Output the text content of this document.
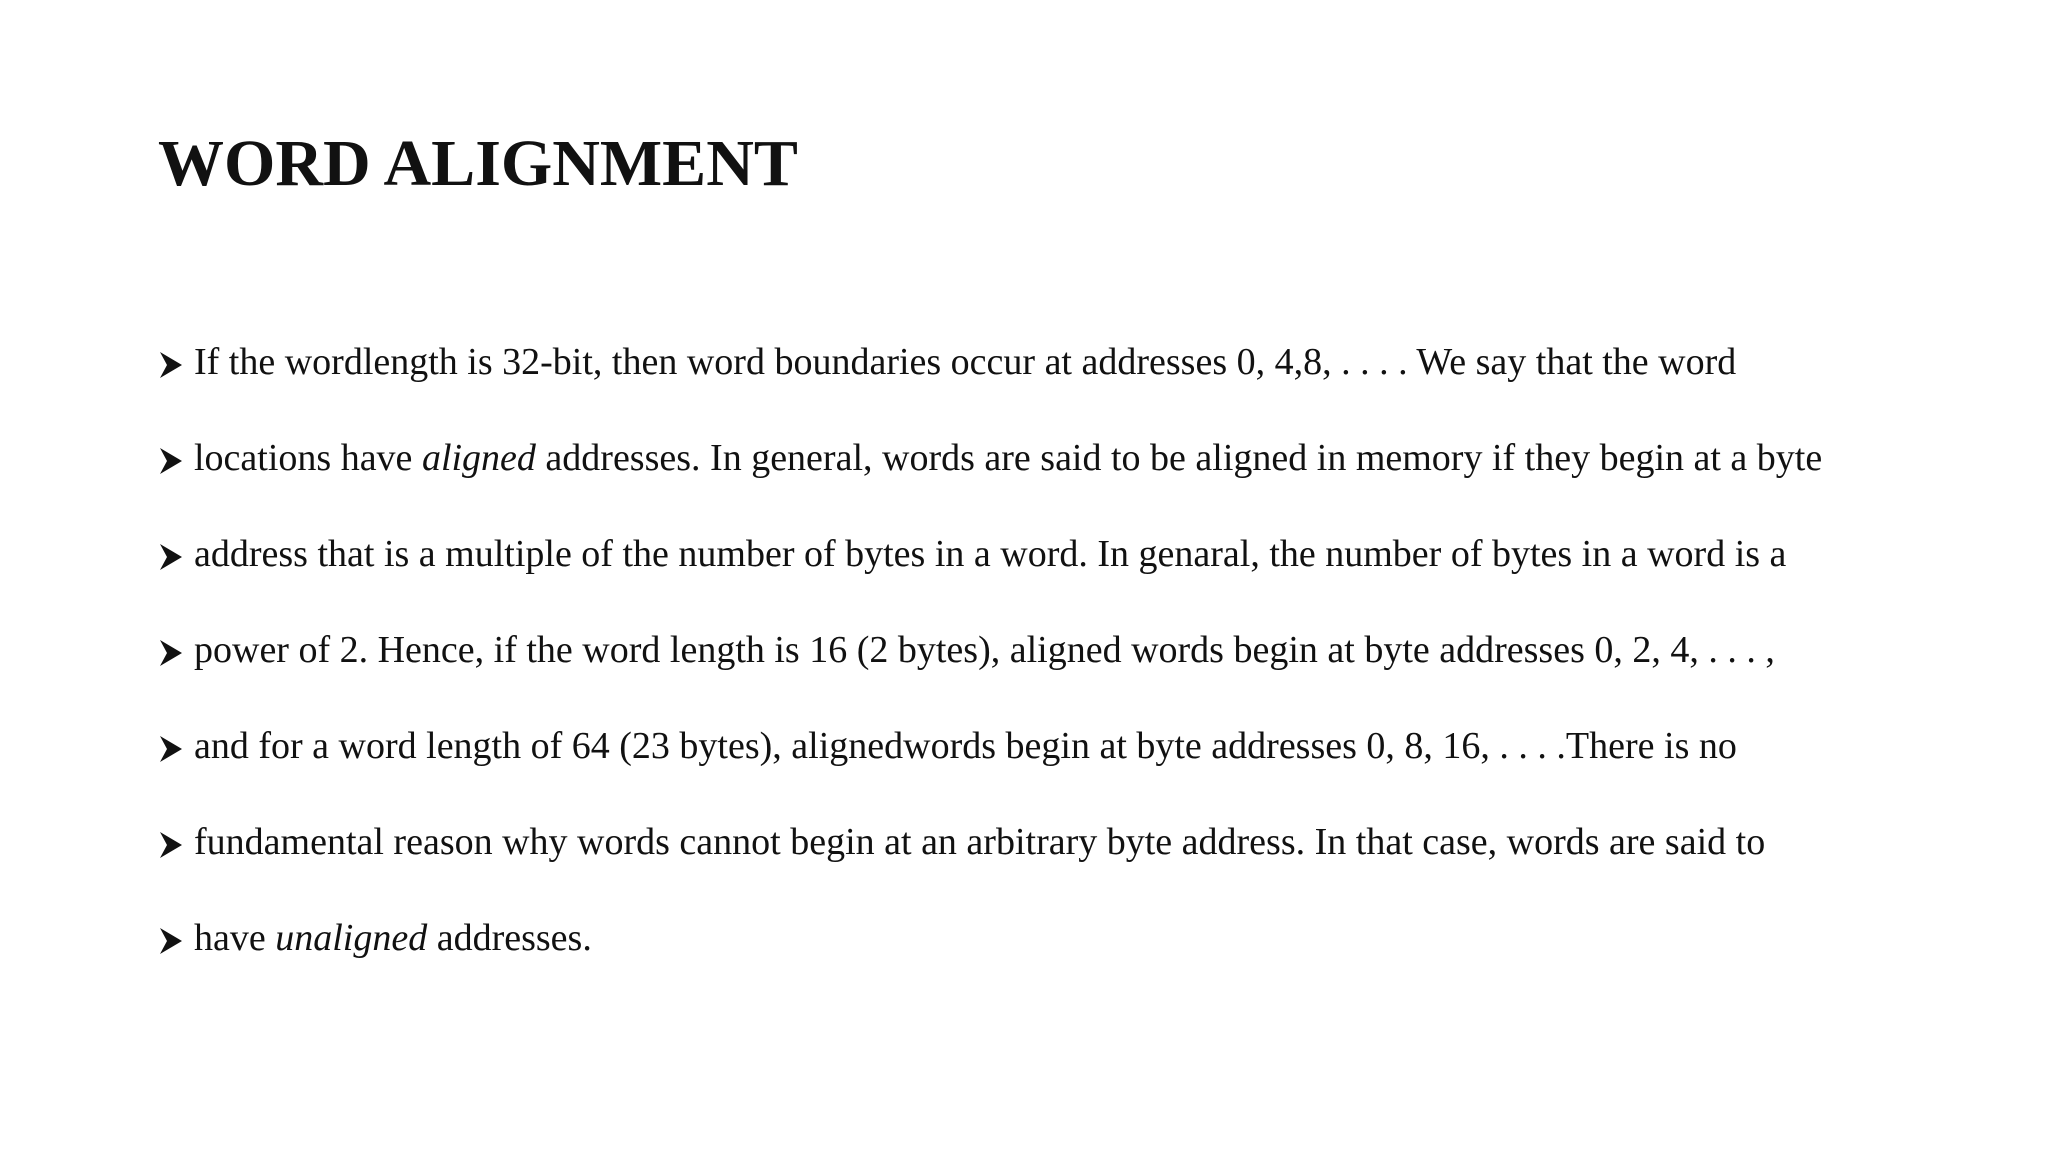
WORD ALIGNMENT
If the wordlength is 32-bit, then word boundaries occur at addresses 0, 4,8, . . . . We say that the word
locations have aligned addresses. In general, words are said to be aligned in memory if they begin at a byte
address that is a multiple of the number of bytes in a word. In genaral, the number of bytes in a word is a
power of 2. Hence, if the word length is 16 (2 bytes), aligned words begin at byte addresses 0, 2, 4, . . . ,
and for a word length of 64 (23 bytes), alignedwords begin at byte addresses 0, 8, 16, . . . .There is no
fundamental reason why words cannot begin at an arbitrary byte address. In that case, words are said to
have unaligned addresses.
